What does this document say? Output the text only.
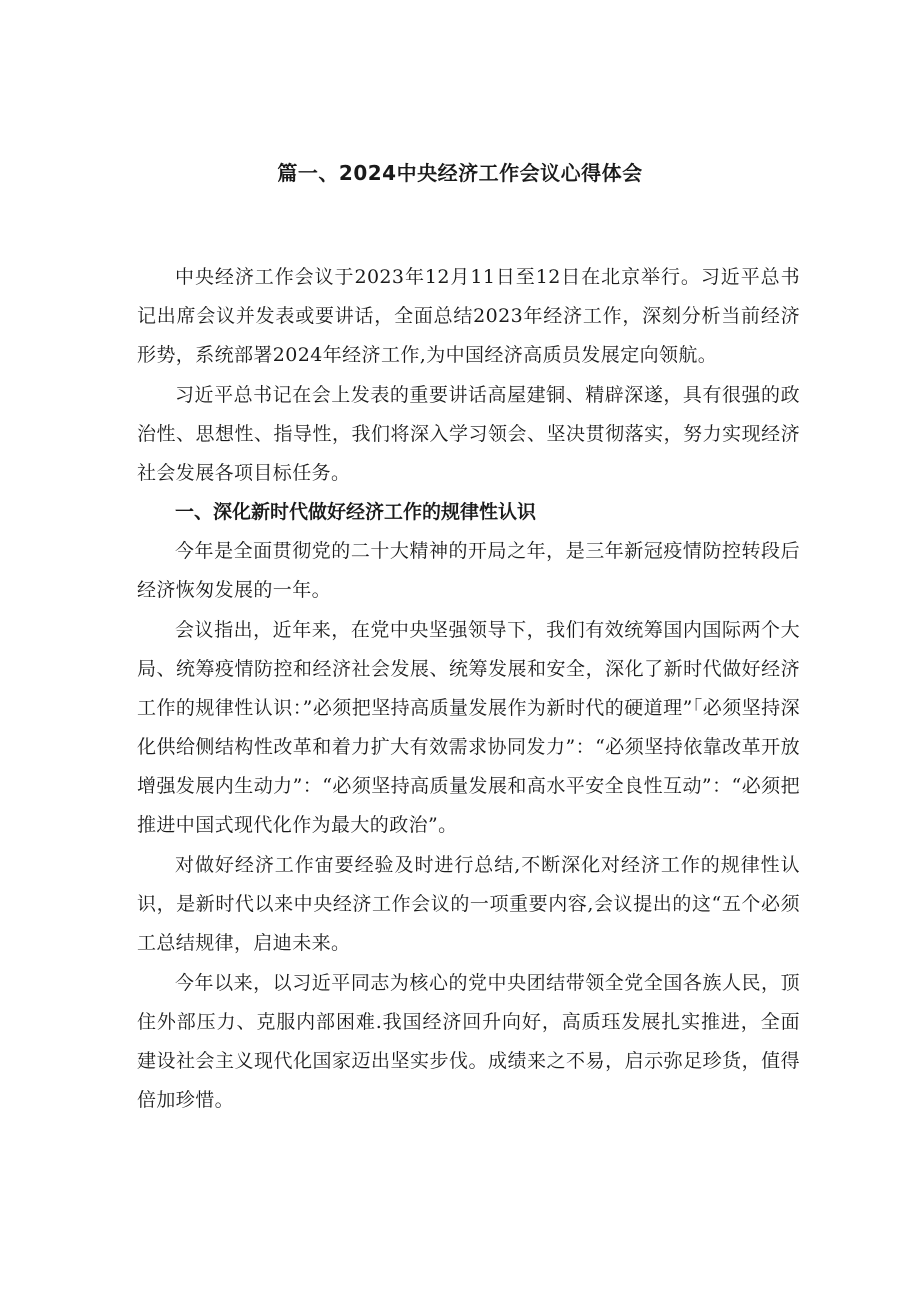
篇一、2024中央经济工作会议心得体会

中央经济工作会议于2023年12月11日至12日在北京举行。习近平总书记出席会议并发表或要讲话，全面总结2023年经济工作，深刻分析当前经济形势，系统部署2024年经济工作,为中国经济高质员发展定向领航。

习近平总书记在会上发表的重要讲话高屋建铜、精辟深遂，具有很强的政治性、思想性、指导性，我们将深入学习领会、坚决贯彻落实，努力实现经济社会发展各项目标任务。

一、深化新时代做好经济工作的规律性认识

今年是全面贯彻党的二十大精神的开局之年，是三年新冠疫情防控转段后经济恢匆发展的一年。

会议指出，近年来，在党中央坚强领导下，我们有效统筹国内国际两个大局、统筹疫情防控和经济社会发展、统筹发展和安全，深化了新时代做好经济工作的规律性认识：”必须把坚持高质量发展作为新时代的硬道理”「必须坚持深化供给侧结构性改革和着力扩大有效需求协同发力”：“必须坚持依靠改革开放增强发展内生动力”：“必须坚持高质量发展和高水平安全良性互动”：“必须把推进中国式现代化作为最大的政治”。

对做好经济工作宙要经验及时进行总结,不断深化对经济工作的规律性认识，是新时代以来中央经济工作会议的一项重要内容,会议提出的这“五个必须工总结规律，启迪未来。

今年以来，以习近平同志为核心的党中央团结带领全党全国各族人民，顶住外部压力、克服内部困难.我国经济回升向好，高质珏发展扎实推进，全面建设社会主义现代化国家迈出坚实步伐。成绩来之不易，启示弥足珍货，值得倍加珍惜。
